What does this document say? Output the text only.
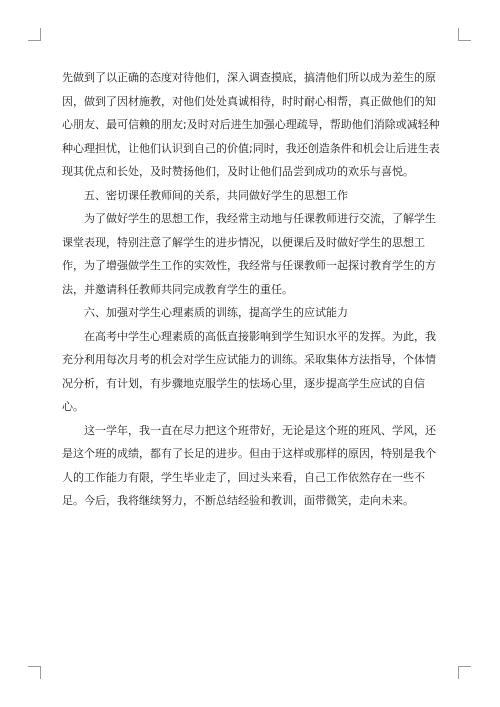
先做到了以正确的态度对待他们，深入调查摸底，搞清他们所以成为差生的原因，做到了因材施教，对他们处处真诚相待，时时耐心相帮，真正做他们的知心朋友、最可信赖的朋友;及时对后进生加强心理疏导，帮助他们消除或减轻种种心理担忧，让他们认识到自己的价值;同时，我还创造条件和机会让后进生表现其优点和长处，及时赞扬他们，及时让他们品尝到成功的欢乐与喜悦。

五、密切课任教师间的关系，共同做好学生的思想工作

为了做好学生的思想工作，我经常主动地与任课教师进行交流，了解学生课堂表现，特别注意了解学生的进步情况，以便课后及时做好学生的思想工作，为了增强做学生工作的实效性，我经常与任课教师一起探讨教育学生的方法，并邀请科任教师共同完成教育学生的重任。

六、加强对学生心理素质的训练，提高学生的应试能力

在高考中学生心理素质的高低直接影响到学生知识水平的发挥。为此，我充分利用每次月考的机会对学生应试能力的训练。采取集体方法指导，个体情况分析，有计划，有步骤地克服学生的怯场心里，逐步提高学生应试的自信心。

这一学年，我一直在尽力把这个班带好，无论是这个班的班风、学风，还是这个班的成绩，都有了长足的进步。但由于这样或那样的原因，特别是我个人的工作能力有限，学生毕业走了，回过头来看，自己工作依然存在一些不足。今后，我将继续努力，不断总结经验和教训，面带微笑，走向未来。
